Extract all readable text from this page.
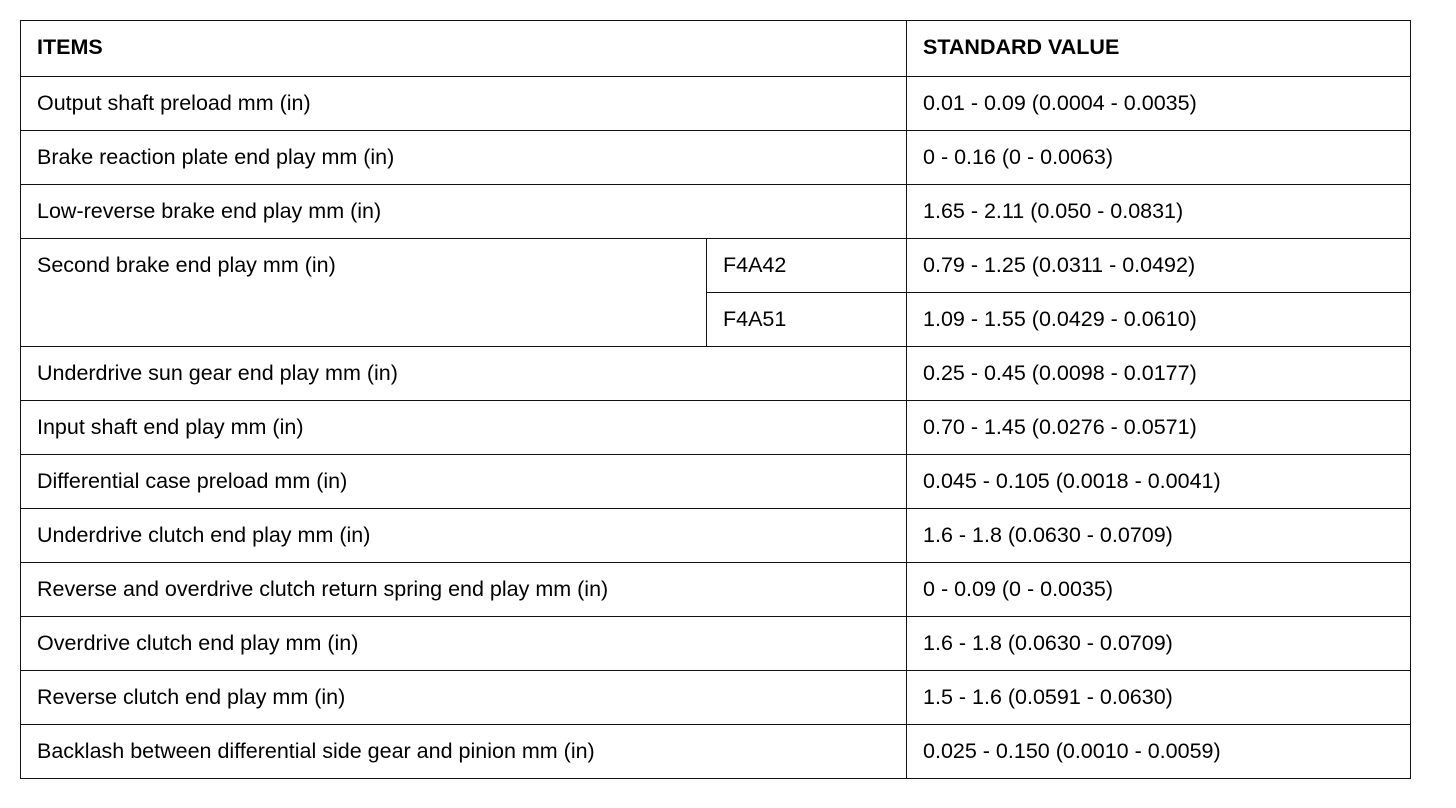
ITEMS		STANDARD VALUE
Output shaft preload mm (in)		0.01 - 0.09 (0.0004 - 0.0035)
Brake reaction plate end play mm (in)		0 - 0.16 (0 - 0.0063)
Low-reverse brake end play mm (in)		1.65 - 2.11 (0.050 - 0.0831)
Second brake end play mm (in)	F4A42	0.79 - 1.25 (0.0311 - 0.0492)
	F4A51	1.09 - 1.55 (0.0429 - 0.0610)
Underdrive sun gear end play mm (in)		0.25 - 0.45 (0.0098 - 0.0177)
Input shaft end play mm (in)		0.70 - 1.45 (0.0276 - 0.0571)
Differential case preload mm (in)		0.045 - 0.105 (0.0018 - 0.0041)
Underdrive clutch end play mm (in)		1.6 - 1.8 (0.0630 - 0.0709)
Reverse and overdrive clutch return spring end play mm (in)		0 - 0.09 (0 - 0.0035)
Overdrive clutch end play mm (in)		1.6 - 1.8 (0.0630 - 0.0709)
Reverse clutch end play mm (in)		1.5 - 1.6 (0.0591 - 0.0630)
Backlash between differential side gear and pinion mm (in)		0.025 - 0.150 (0.0010 - 0.0059)
